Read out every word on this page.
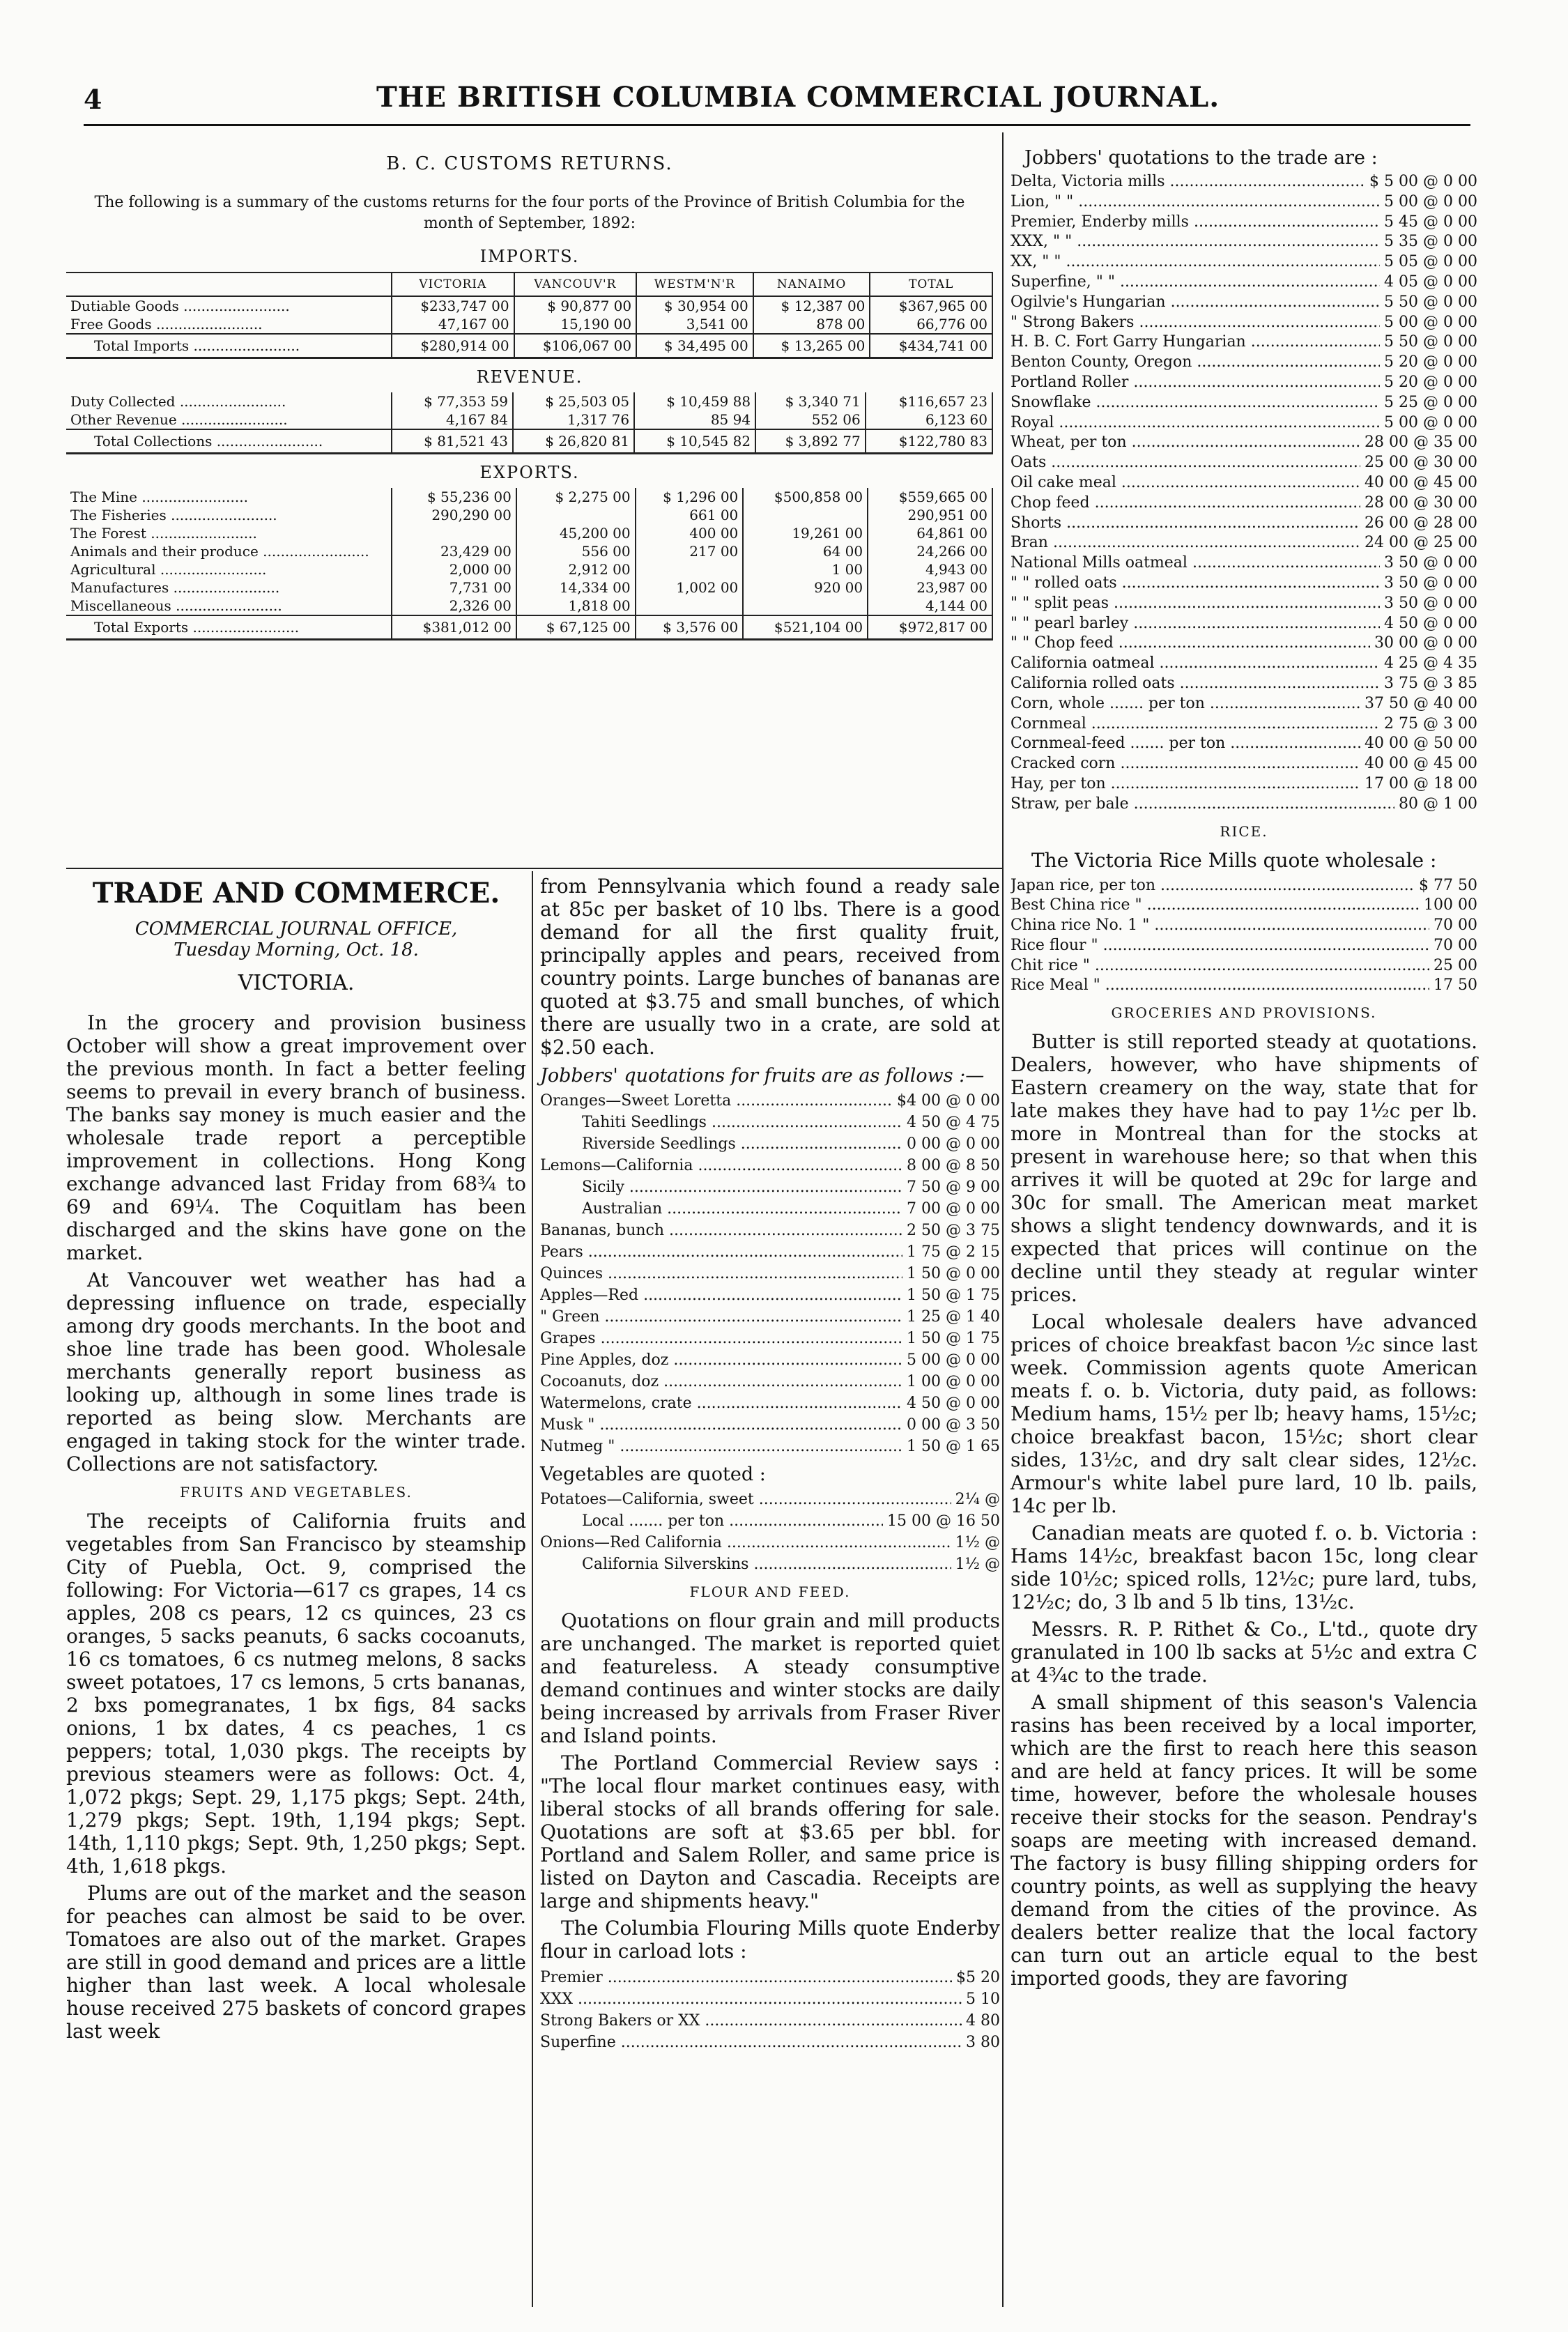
4	THE BRITISH COLUMBIA COMMERCIAL JOURNAL.
B. C. CUSTOMS RETURNS.
The following is a summary of the customs returns for the four ports of the Province of British Columbia for the month of September, 1892:
IMPORTS.
	VICTORIA	VANCOUV'R	WESTM'N'R	NANAIMO	TOTAL
Dutiable Goods ........................	$233,747 00	$ 90,877 00	$ 30,954 00	$ 12,387 00	$367,965 00
Free Goods ........................	47,167 00	15,190 00	3,541 00	878 00	66,776 00
Total Imports ........................	$280,914 00	$106,067 00	$ 34,495 00	$ 13,265 00	$434,741 00
REVENUE.
Duty Collected ........................	$ 77,353 59	$ 25,503 05	$ 10,459 88	$ 3,340 71	$116,657 23
Other Revenue ........................	4,167 84	1,317 76	85 94	552 06	6,123 60
Total Collections ........................	$ 81,521 43	$ 26,820 81	$ 10,545 82	$ 3,892 77	$122,780 83
EXPORTS.
The Mine ........................	$ 55,236 00	$ 2,275 00	$ 1,296 00	$500,858 00	$559,665 00
The Fisheries ........................	290,290 00		661 00		290,951 00
The Forest ........................		45,200 00	400 00	19,261 00	64,861 00
Animals and their produce ........................	23,429 00	556 00	217 00	64 00	24,266 00
Agricultural ........................	2,000 00	2,912 00		1 00	4,943 00
Manufactures ........................	7,731 00	14,334 00	1,002 00	920 00	23,987 00
Miscellaneous ........................	2,326 00	1,818 00			4,144 00
Total Exports ........................	$381,012 00	$ 67,125 00	$ 3,576 00	$521,104 00	$972,817 00
TRADE AND COMMERCE.
COMMERCIAL JOURNAL OFFICE,
Tuesday Morning, Oct. 18.
VICTORIA.

In the grocery and provision business October will show a great improvement over the previous month. In fact a better feeling seems to prevail in every branch of business. The banks say money is much easier and the wholesale trade report a perceptible improvement in collections. Hong Kong exchange advanced last Friday from 68¾ to 69 and 69¼. The Coquitlam has been discharged and the skins have gone on the market.

At Vancouver wet weather has had a depressing influence on trade, especially among dry goods merchants. In the boot and shoe line trade has been good. Wholesale merchants generally report business as looking up, although in some lines trade is reported as being slow. Merchants are engaged in taking stock for the winter trade. Collections are not satisfactory.

FRUITS AND VEGETABLES.

The receipts of California fruits and vegetables from San Francisco by steamship City of Puebla, Oct. 9, comprised the following: For Victoria—617 cs grapes, 14 cs apples, 208 cs pears, 12 cs quinces, 23 cs oranges, 5 sacks peanuts, 6 sacks cocoanuts, 16 cs tomatoes, 6 cs nutmeg melons, 8 sacks sweet potatoes, 17 cs lemons, 5 crts bananas, 2 bxs pomegranates, 1 bx figs, 84 sacks onions, 1 bx dates, 4 cs peaches, 1 cs peppers; total, 1,030 pkgs. The receipts by previous steamers were as follows: Oct. 4, 1,072 pkgs; Sept. 29, 1,175 pkgs; Sept. 24th, 1,279 pkgs; Sept. 19th, 1,194 pkgs; Sept. 14th, 1,110 pkgs; Sept. 9th, 1,250 pkgs; Sept. 4th, 1,618 pkgs.

Plums are out of the market and the season for peaches can almost be said to be over. Tomatoes are also out of the market. Grapes are still in good demand and prices are a little higher than last week. A local wholesale house received 275 baskets of concord grapes last week

from Pennsylvania which found a ready sale at 85c per basket of 10 lbs. There is a good demand for all the first quality fruit, principally apples and pears, received from country points. Large bunches of bananas are quoted at $3.75 and small bunches, of which there are usually two in a crate, are sold at $2.50 each.

Jobbers' quotations for fruits are as follows :—
Oranges—Sweet Loretta .....	$4 00 @ 0 00
Tahiti Seedlings .....	4 50 @ 4 75
Riverside Seedlings .....	0 00 @ 0 00
Lemons—California .....	8 00 @ 8 50
Sicily .....	7 50 @ 9 00
Australian .....	7 00 @ 0 00
Bananas, bunch .....	2 50 @ 3 75
Pears .....	1 75 @ 2 15
Quinces .....	1 50 @ 0 00
Apples—Red .....	1 50 @ 1 75
" Green .....	1 25 @ 1 40
Grapes .....	1 50 @ 1 75
Pine Apples, doz .....	5 00 @ 0 00
Cocoanuts, doz .....	1 00 @ 0 00
Watermelons, crate .....	4 50 @ 0 00
Musk " .....	0 00 @ 3 50
Nutmeg " .....	1 50 @ 1 65
Vegetables are quoted :
Potatoes—California, sweet .....	2¼ @
Local ....... per ton .....	15 00 @ 16 50
Onions—Red California .....	1½ @
California Silverskins .....	1½ @
FLOUR AND FEED.

Quotations on flour grain and mill products are unchanged. The market is reported quiet and featureless. A steady consumptive demand continues and winter stocks are daily being increased by arrivals from Fraser River and Island points.

The Portland Commercial Review says : "The local flour market continues easy, with liberal stocks of all brands offering for sale. Quotations are soft at $3.65 per bbl. for Portland and Salem Roller, and same price is listed on Dayton and Cascadia. Receipts are large and shipments heavy."

The Columbia Flouring Mills quote Enderby flour in carload lots :

Premier .....	$5 20
XXX .....	5 10
Strong Bakers or XX .....	4 80
Superfine .....	3 80
Jobbers' quotations to the trade are :
Delta, Victoria mills .....	$ 5 00 @ 0 00
Lion, " " .....	5 00 @ 0 00
Premier, Enderby mills .....	5 45 @ 0 00
XXX, " " .....	5 35 @ 0 00
XX, " " .....	5 05 @ 0 00
Superfine, " " .....	4 05 @ 0 00
Ogilvie's Hungarian .....	5 50 @ 0 00
" Strong Bakers .....	5 00 @ 0 00
H. B. C. Fort Garry Hungarian .....	5 50 @ 0 00
Benton County, Oregon .....	5 20 @ 0 00
Portland Roller .....	5 20 @ 0 00
Snowflake .....	5 25 @ 0 00
Royal .....	5 00 @ 0 00
Wheat, per ton .....	28 00 @ 35 00
Oats .....	25 00 @ 30 00
Oil cake meal .....	40 00 @ 45 00
Chop feed .....	28 00 @ 30 00
Shorts .....	26 00 @ 28 00
Bran .....	24 00 @ 25 00
National Mills oatmeal .....	3 50 @ 0 00
" " rolled oats .....	3 50 @ 0 00
" " split peas .....	3 50 @ 0 00
" " pearl barley .....	4 50 @ 0 00
" " Chop feed .....	30 00 @ 0 00
California oatmeal .....	4 25 @ 4 35
California rolled oats .....	3 75 @ 3 85
Corn, whole ....... per ton .....	37 50 @ 40 00
Cornmeal .....	2 75 @ 3 00
Cornmeal-feed ....... per ton .....	40 00 @ 50 00
Cracked corn .....	40 00 @ 45 00
Hay, per ton .....	17 00 @ 18 00
Straw, per bale .....	80 @ 1 00
RICE.

The Victoria Rice Mills quote wholesale :

Japan rice, per ton .....	$ 77 50
Best China rice " .....	100 00
China rice No. 1 " .....	70 00
Rice flour " .....	70 00
Chit rice " .....	25 00
Rice Meal " .....	17 50
GROCERIES AND PROVISIONS.

Butter is still reported steady at quotations. Dealers, however, who have shipments of Eastern creamery on the way, state that for late makes they have had to pay 1½c per lb. more in Montreal than for the stocks at present in warehouse here; so that when this arrives it will be quoted at 29c for large and 30c for small. The American meat market shows a slight tendency downwards, and it is expected that prices will continue on the decline until they steady at regular winter prices.

Local wholesale dealers have advanced prices of choice breakfast bacon ½c since last week. Commission agents quote American meats f. o. b. Victoria, duty paid, as follows: Medium hams, 15½ per lb; heavy hams, 15½c; choice breakfast bacon, 15½c; short clear sides, 13½c, and dry salt clear sides, 12½c. Armour's white label pure lard, 10 lb. pails, 14c per lb.

Canadian meats are quoted f. o. b. Victoria : Hams 14½c, breakfast bacon 15c, long clear side 10½c; spiced rolls, 12½c; pure lard, tubs, 12½c; do, 3 lb and 5 lb tins, 13½c.

Messrs. R. P. Rithet & Co., L'td., quote dry granulated in 100 lb sacks at 5½c and extra C at 4¾c to the trade.

A small shipment of this season's Valencia rasins has been received by a local importer, which are the first to reach here this season and are held at fancy prices. It will be some time, however, before the wholesale houses receive their stocks for the season. Pendray's soaps are meeting with increased demand. The factory is busy filling shipping orders for country points, as well as supplying the heavy demand from the cities of the province. As dealers better realize that the local factory can turn out an article equal to the best imported goods, they are favoring
